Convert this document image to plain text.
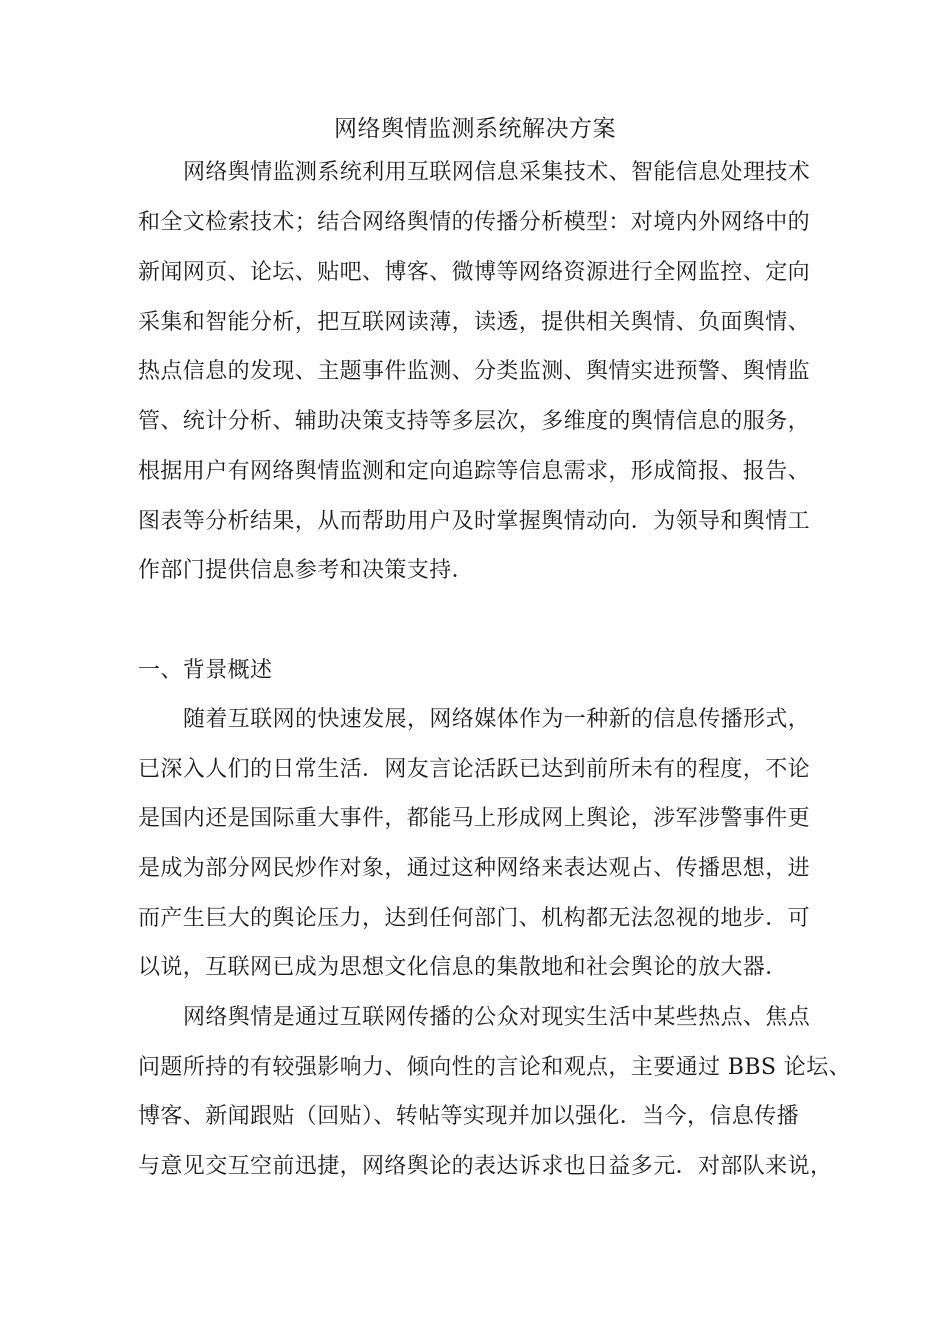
网络舆情监测系统解决方案
网络舆情监测系统利用互联网信息采集技术、智能信息处理技术
和全文检索技术；结合网络舆情的传播分析模型：对境内外网络中的
新闻网页、论坛、贴吧、博客、微博等网络资源进行全网监控、定向
采集和智能分析，把互联网读薄，读透，提供相关舆情、负面舆情、
热点信息的发现、主题事件监测、分类监测、舆情实进预警、舆情监
管、统计分析、辅助决策支持等多层次，多维度的舆情信息的服务，
根据用户有网络舆情监测和定向追踪等信息需求，形成简报、报告、
图表等分析结果，从而帮助用户及时掌握舆情动向．为领导和舆情工
作部门提供信息参考和决策支持．
一、背景概述
随着互联网的快速发展，网络媒体作为一种新的信息传播形式，
已深入人们的日常生活．网友言论活跃已达到前所未有的程度，不论
是国内还是国际重大事件，都能马上形成网上舆论，涉军涉警事件更
是成为部分网民炒作对象，通过这种网络来表达观占、传播思想，进
而产生巨大的舆论压力，达到任何部门、机构都无法忽视的地步．可
以说，互联网已成为思想文化信息的集散地和社会舆论的放大器．
网络舆情是通过互联网传播的公众对现实生活中某些热点、焦点
问题所持的有较强影响力、倾向性的言论和观点，主要通过 BBS 论坛、
博客、新闻跟贴（回贴）、转帖等实现并加以强化．当今，信息传播
与意见交互空前迅捷，网络舆论的表达诉求也日益多元．对部队来说，
